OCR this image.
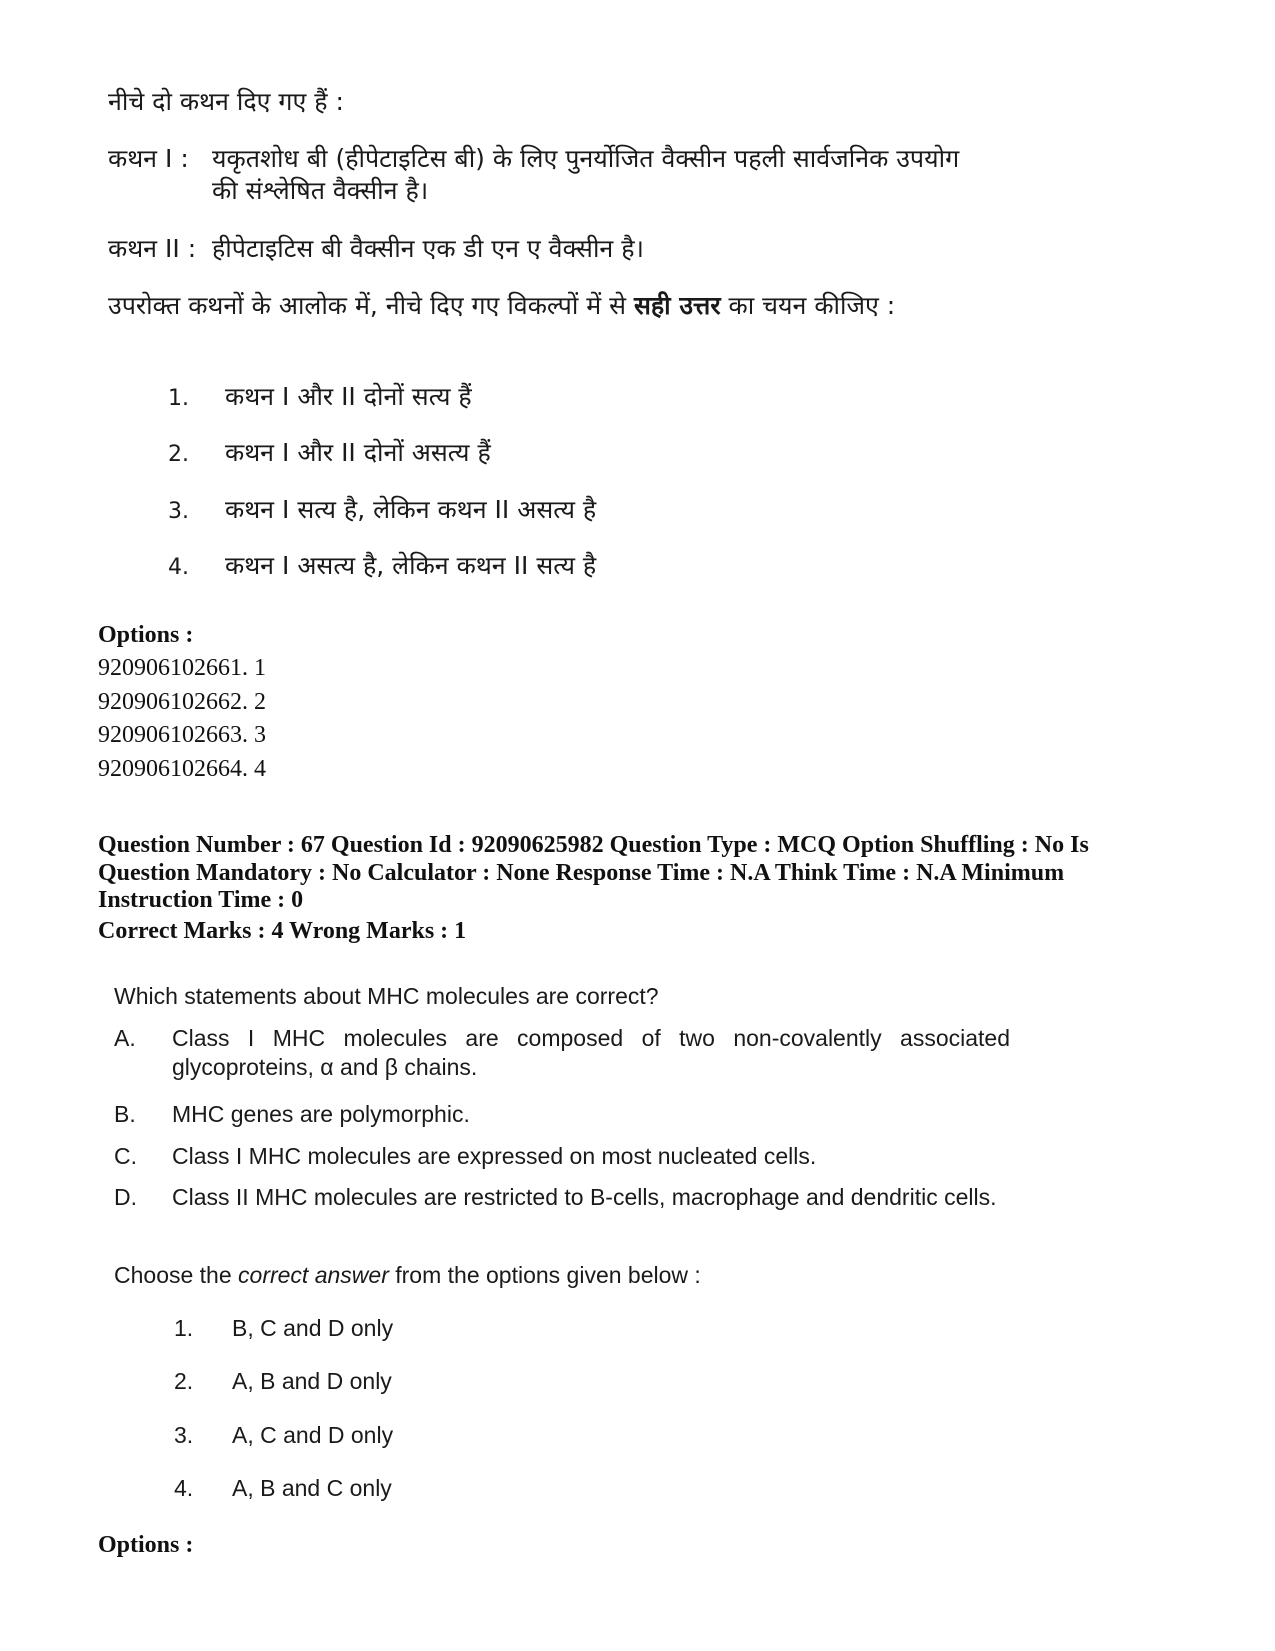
नीचे दो कथन दिए गए हैं :
कथन I : यकृतशोध बी (हीपेटाइटिस बी) के लिए पुनर्योजित वैक्सीन पहली सार्वजनिक उपयोग की संश्लेषित वैक्सीन है।
कथन II : हीपेटाइटिस बी वैक्सीन एक डी एन ए वैक्सीन है।
उपरोक्त कथनों के आलोक में, नीचे दिए गए विकल्पों में से सही उत्तर का चयन कीजिए :
1.	कथन I और II दोनों सत्य हैं
2.	कथन I और II दोनों असत्य हैं
3.	कथन I सत्य है, लेकिन कथन II असत्य है
4.	कथन I असत्य है, लेकिन कथन II सत्य है
Options :
920906102661. 1
920906102662. 2
920906102663. 3
920906102664. 4
Question Number : 67 Question Id : 92090625982 Question Type : MCQ Option Shuffling : No Is Question Mandatory : No Calculator : None Response Time : N.A Think Time : N.A Minimum Instruction Time : 0
Correct Marks : 4 Wrong Marks : 1
Which statements about MHC molecules are correct?
A.	Class I MHC molecules are composed of two non-covalently associated glycoproteins, α and β chains.
B.	MHC genes are polymorphic.
C.	Class I MHC molecules are expressed on most nucleated cells.
D.	Class II MHC molecules are restricted to B-cells, macrophage and dendritic cells.
Choose the correct answer from the options given below :
1.	B, C and D only
2.	A, B and D only
3.	A, C and D only
4.	A, B and C only
Options :
